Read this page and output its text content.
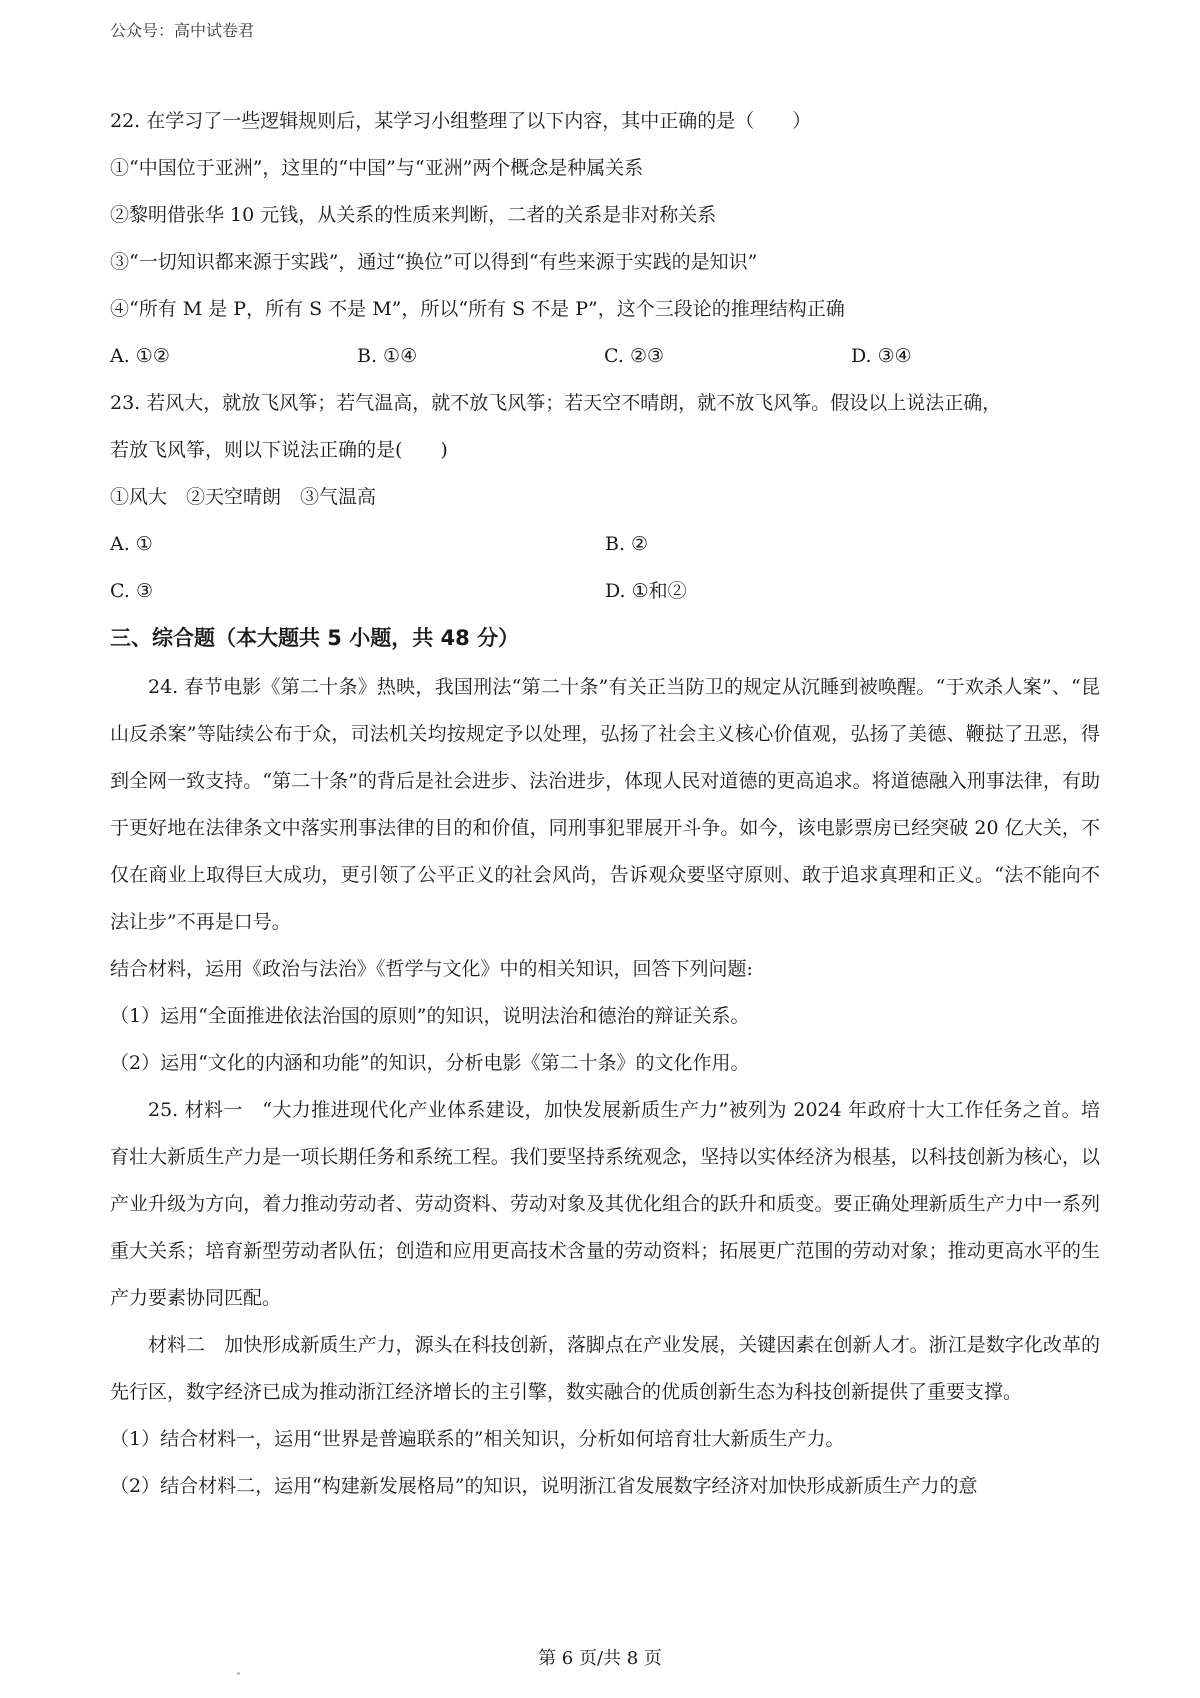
公众号：高中试卷君
22. 在学习了一些逻辑规则后，某学习小组整理了以下内容，其中正确的是（　　）
①“中国位于亚洲”，这里的“中国”与“亚洲”两个概念是种属关系
②黎明借张华 10 元钱，从关系的性质来判断，二者的关系是非对称关系
③“一切知识都来源于实践”，通过“换位”可以得到“有些来源于实践的是知识”
④“所有 M 是 P，所有 S 不是 M”，所以“所有 S 不是 P”，这个三段论的推理结构正确
A. ①②	B. ①④	C. ②③	D. ③④
23. 若风大，就放飞风筝；若气温高，就不放飞风筝；若天空不晴朗，就不放飞风筝。假设以上说法正确，
若放飞风筝，则以下说法正确的是(　　)
①风大　②天空晴朗　③气温高
A. ①	B. ②
C. ③	D. ①和②
三、综合题（本大题共 5 小题，共 48 分）
24. 春节电影《第二十条》热映，我国刑法“第二十条”有关正当防卫的规定从沉睡到被唤醒。“于欢杀人案”、“昆山反杀案”等陆续公布于众，司法机关均按规定予以处理，弘扬了社会主义核心价值观，弘扬了美德、鞭挞了丑恶，得到全网一致支持。“第二十条”的背后是社会进步、法治进步，体现人民对道德的更高追求。将道德融入刑事法律，有助于更好地在法律条文中落实刑事法律的目的和价值，同刑事犯罪展开斗争。如今，该电影票房已经突破 20 亿大关，不仅在商业上取得巨大成功，更引领了公平正义的社会风尚，告诉观众要坚守原则、敢于追求真理和正义。“法不能向不法让步”不再是口号。
结合材料，运用《政治与法治》《哲学与文化》中的相关知识，回答下列问题:
（1）运用“全面推进依法治国的原则”的知识，说明法治和德治的辩证关系。
（2）运用“文化的内涵和功能”的知识，分析电影《第二十条》的文化作用。
25. 材料一　“大力推进现代化产业体系建设，加快发展新质生产力”被列为 2024 年政府十大工作任务之首。培育壮大新质生产力是一项长期任务和系统工程。我们要坚持系统观念，坚持以实体经济为根基，以科技创新为核心，以产业升级为方向，着力推动劳动者、劳动资料、劳动对象及其优化组合的跃升和质变。要正确处理新质生产力中一系列重大关系；培育新型劳动者队伍；创造和应用更高技术含量的劳动资料；拓展更广范围的劳动对象；推动更高水平的生产力要素协同匹配。
材料二　加快形成新质生产力，源头在科技创新，落脚点在产业发展，关键因素在创新人才。浙江是数字化改革的先行区，数字经济已成为推动浙江经济增长的主引擎，数实融合的优质创新生态为科技创新提供了重要支撑。
（1）结合材料一，运用“世界是普遍联系的”相关知识，分析如何培育壮大新质生产力。
（2）结合材料二，运用“构建新发展格局”的知识，说明浙江省发展数字经济对加快形成新质生产力的意
第 6 页/共 8 页
